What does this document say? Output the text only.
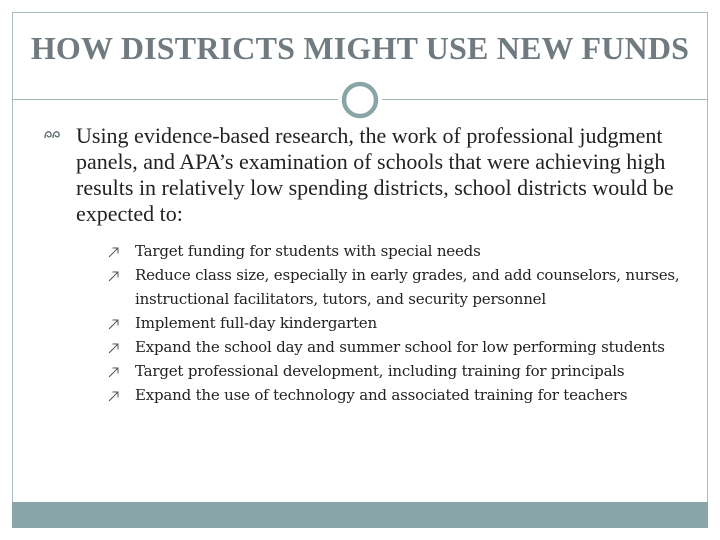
HOW DISTRICTS MIGHT USE NEW FUNDS

Using evidence-based research, the work of professional judgment panels, and APA’s examination of schools that were achieving high results in relatively low spending districts, school districts would be expected to:

Target funding for students with special needs
Reduce class size, especially in early grades, and add counselors, nurses, instructional facilitators, tutors, and security personnel
Implement full-day kindergarten
Expand the school day and summer school for low performing students
Target professional development, including training for principals
Expand the use of technology and associated training for teachers
